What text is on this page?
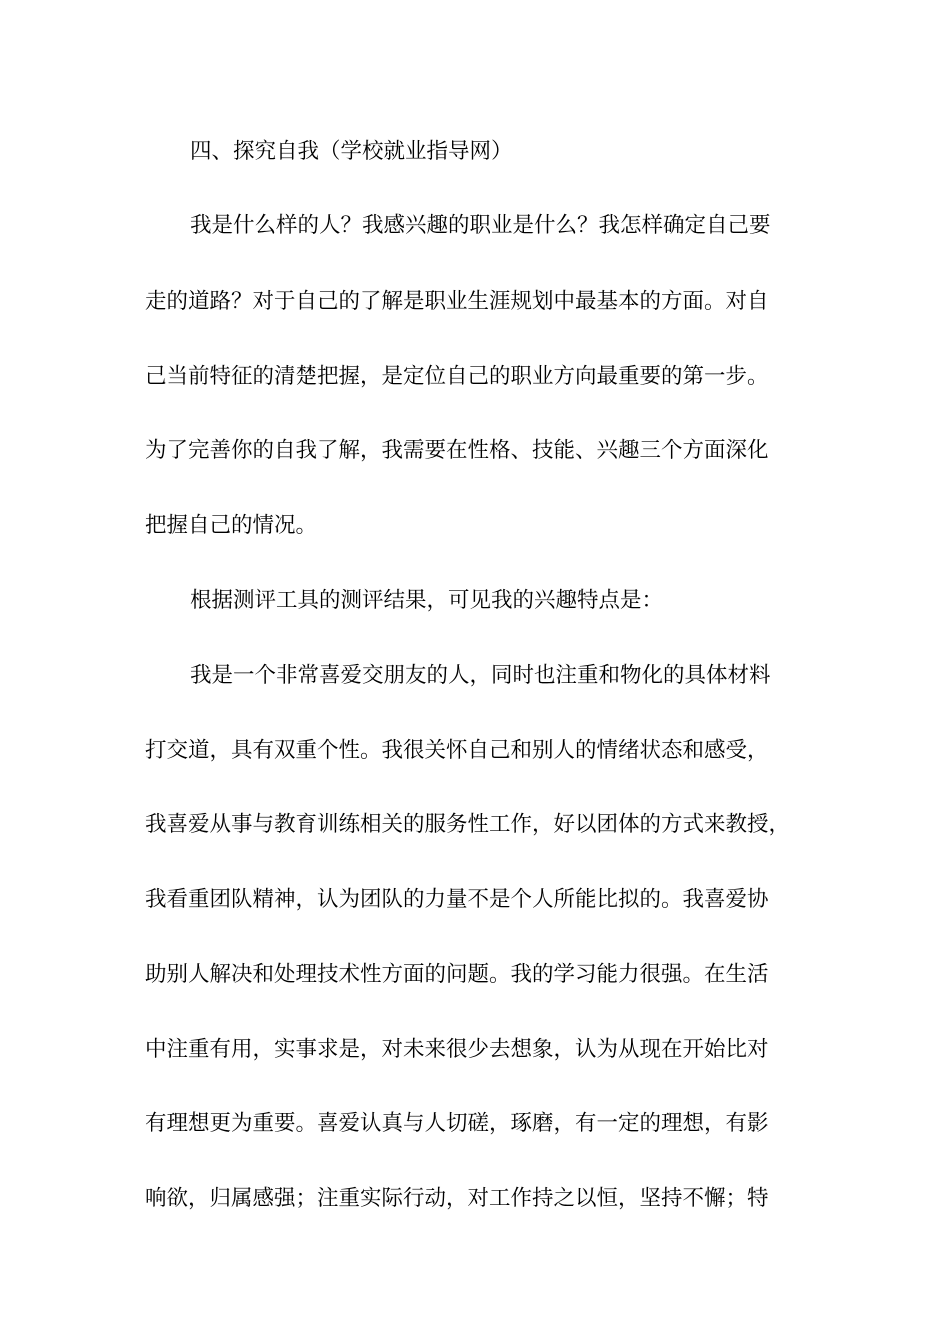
四、探究自我（学校就业指导网）
我是什么样的人？我感兴趣的职业是什么？我怎样确定自己要
走的道路？对于自己的了解是职业生涯规划中最基本的方面。对自
己当前特征的清楚把握，是定位自己的职业方向最重要的第一步。
为了完善你的自我了解，我需要在性格、技能、兴趣三个方面深化
把握自己的情况。
根据测评工具的测评结果，可见我的兴趣特点是：
我是一个非常喜爱交朋友的人，同时也注重和物化的具体材料
打交道，具有双重个性。我很关怀自己和别人的情绪状态和感受，
我喜爱从事与教育训练相关的服务性工作，好以团体的方式来教授，
我看重团队精神，认为团队的力量不是个人所能比拟的。我喜爱协
助别人解决和处理技术性方面的问题。我的学习能力很强。在生活
中注重有用，实事求是，对未来很少去想象，认为从现在开始比对
有理想更为重要。喜爱认真与人切磋，琢磨，有一定的理想，有影
响欲，归属感强；注重实际行动，对工作持之以恒，坚持不懈；特
